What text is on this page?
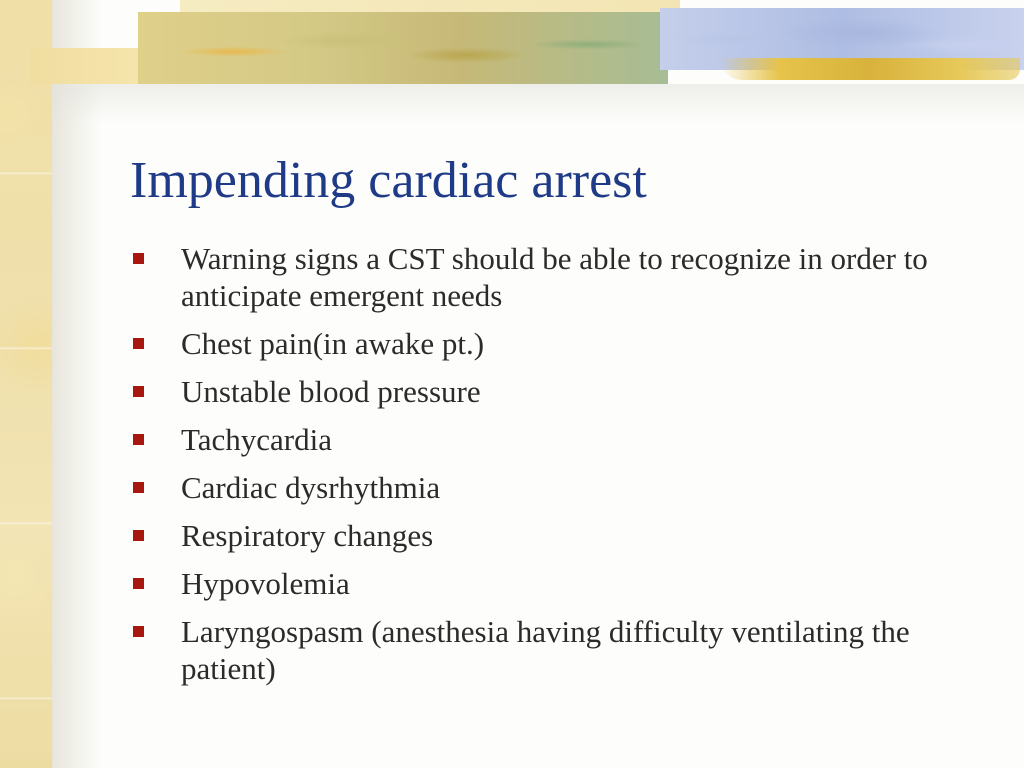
Impending cardiac arrest
Warning signs a CST should be able to recognize in order to anticipate emergent needs
Chest pain(in awake pt.)
Unstable blood pressure
Tachycardia
Cardiac dysrhythmia
Respiratory changes
Hypovolemia
Laryngospasm (anesthesia having difficulty ventilating the patient)
